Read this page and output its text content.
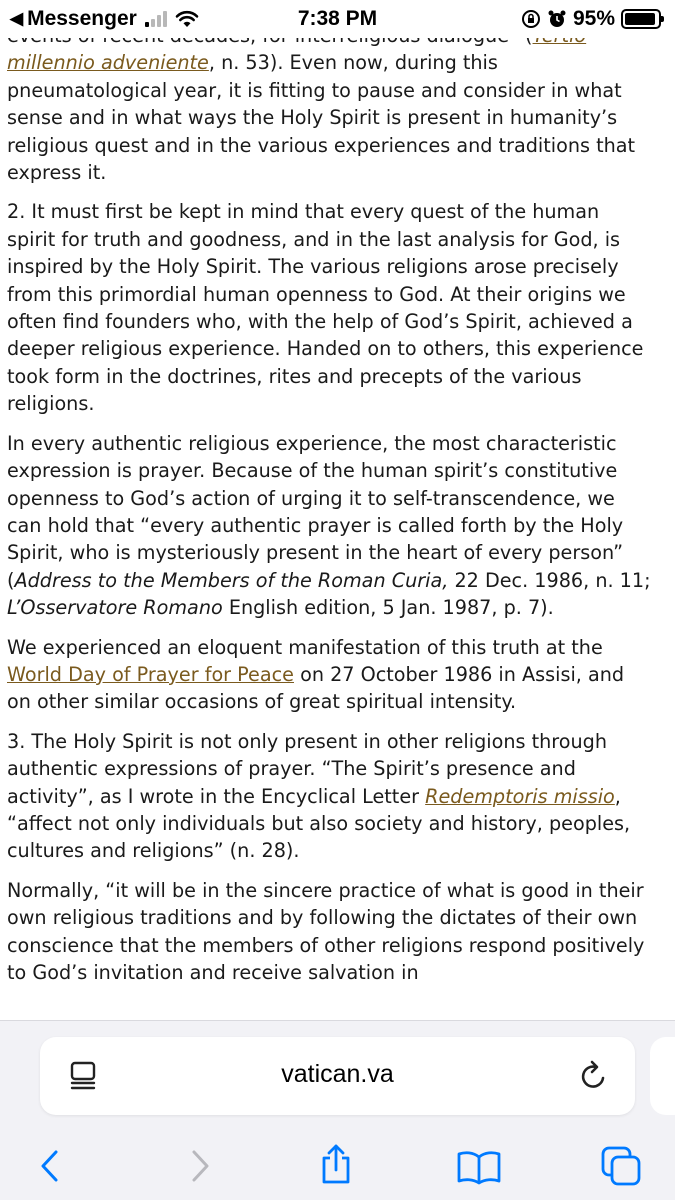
millennio adveniente, n. 53). Even now, during this pneumatological year, it is fitting to pause and consider in what sense and in what ways the Holy Spirit is present in humanity’s religious quest and in the various experiences and traditions that express it.

2. It must first be kept in mind that every quest of the human spirit for truth and goodness, and in the last analysis for God, is inspired by the Holy Spirit. The various religions arose precisely from this primordial human openness to God. At their origins we often find founders who, with the help of God’s Spirit, achieved a deeper religious experience. Handed on to others, this experience took form in the doctrines, rites and precepts of the various religions.

In every authentic religious experience, the most characteristic expression is prayer. Because of the human spirit’s constitutive openness to God’s action of urging it to self-transcendence, we can hold that “every authentic prayer is called forth by the Holy Spirit, who is mysteriously present in the heart of every person” (Address to the Members of the Roman Curia, 22 Dec. 1986, n. 11; L’Osservatore Romano English edition, 5 Jan. 1987, p. 7).

We experienced an eloquent manifestation of this truth at the World Day of Prayer for Peace on 27 October 1986 in Assisi, and on other similar occasions of great spiritual intensity.

3. The Holy Spirit is not only present in other religions through authentic expressions of prayer. “The Spirit’s presence and activity”, as I wrote in the Encyclical Letter Redemptoris missio, “affect not only individuals but also society and history, peoples, cultures and religions” (n. 28).

Normally, “it will be in the sincere practice of what is good in their own religious traditions and by following the dictates of their own conscience that the members of other religions respond positively to God’s invitation and receive salvation in

◀ Messenger	7:38 PM	95%
vatican.va
